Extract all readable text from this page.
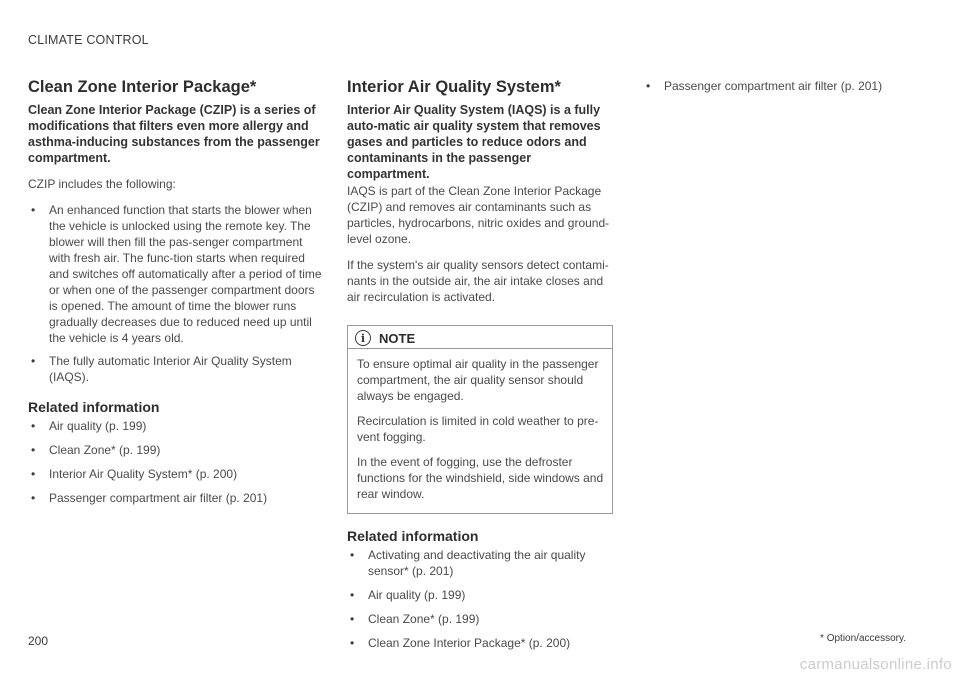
CLIMATE CONTROL
Clean Zone Interior Package*
Clean Zone Interior Package (CZIP) is a series of modifications that filters even more allergy and asthma-inducing substances from the passenger compartment.
CZIP includes the following:
• An enhanced function that starts the blower when the vehicle is unlocked using the remote key. The blower will then fill the pas-senger compartment with fresh air. The func-tion starts when required and switches off automatically after a period of time or when one of the passenger compartment doors is opened. The amount of time the blower runs gradually decreases due to reduced need up until the vehicle is 4 years old.
• The fully automatic Interior Air Quality System (IAQS).
Related information
• Air quality (p. 199)
• Clean Zone* (p. 199)
• Interior Air Quality System* (p. 200)
• Passenger compartment air filter (p. 201)
Interior Air Quality System*
Interior Air Quality System (IAQS) is a fully auto-matic air quality system that removes gases and particles to reduce odors and contaminants in the passenger compartment.
IAQS is part of the Clean Zone Interior Package (CZIP) and removes air contaminants such as particles, hydrocarbons, nitric oxides and ground-level ozone.
If the system's air quality sensors detect contami-nants in the outside air, the air intake closes and air recirculation is activated.
i	NOTE
To ensure optimal air quality in the passenger compartment, the air quality sensor should always be engaged.
Recirculation is limited in cold weather to pre-vent fogging.
In the event of fogging, use the defroster functions for the windshield, side windows and rear window.
Related information
• Activating and deactivating the air quality sensor* (p. 201)
• Air quality (p. 199)
• Clean Zone* (p. 199)
• Clean Zone Interior Package* (p. 200)
• Passenger compartment air filter (p. 201)
200	* Option/accessory.
carmanualsonline.info
